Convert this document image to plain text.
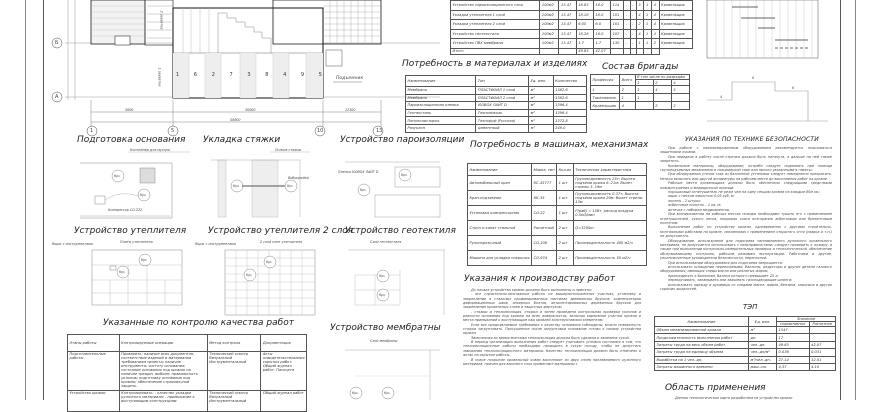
Б
А
1	5	10	13
5600	30000	12300
58800
1 захватка
2 захватка
1	6	2	7	3	8	4	9	5
Подъемник
Устройство пароизоляционного слоя	100м2	13.47	18.83	18.0	114	-	-	3	1	4	Кровельщик
Укладка утеплителя 1 слой	100м2	13.47	18.18	18.0	101	-	-	4	1	4	Кровельщик
Укладка утеплителя 2 слой	100м2	13.47	6.05	6.0	101	-	-	2	1	4	Кровельщик
Устройство геотекстиля	100м2	13.47	16.28	16.0	107	-	-	4	1	4	Кровельщик
Устройство ПВХ мембраны	100м2	13.47	1.7	1.7	130	-	-	1	1	2	Кровельщик
Итого			49.63	42.07							
4
8
6
Потребность в материалах и изделиях
Наименование	Тип	Ед. изм.	Количество
Мембрана	ПЛАСТФОИЛ 1 слой	м²	1382.6
Мембрана	ПЛАСТФОИЛ 2 слой	м²	1382.6
Пароизоляционная пленка	ISOBOX ЛАЙТ D	м²	1396.4
Геотекстиль	Технониколь	м²	1396.4
Пенополистирол	Техноруф (Русская)	м²	1372.8
Разуклон	цементный	м²	248.0
Состав бригады
Профессия	Всего	В том числе по разрядам		
		1	2	4
1	2	3	4	5
Такелажник	1	1		
Кровельщик	4		2	2
Подготовка основания Укладка стяжки	Устройство пароизоляции
Устройство утеплителя Устройство утеплителя 2 слоя
Устройство геотектиля
Устройство мембратны
Контейнер для мусора
Компрессор СО-222
Кр₃
Кр₄
Полоса стяжки
Виброрейка
Кр₄	Кр₃
Пленка ISOBOX ЛАЙТ D
Кр₃
Кр₃
Ящик с инструментами	Плиты утеплителя
Кр₅
Кр₃
Ящик с инструментами	2 слой плит утеплителя
Кр₅
Кр₃
Слой геотекстиля
Кр₃
Кр₄
Слой мембраны
Кр₄	Кр₃
Указанные по контролю качества работ
Этапы работы	Контролируемые операции	Метод контроля	Документация
Подготовительные работы	Проверить: наличие всех документов, соответствие изделий и материалов требованиям проекта; наличие инструмента; чистоту основания; состояние основания под кровлю на наличие трещин, выбоин; правильность уклонов; подготовку основания под кровлю; обеспечение страховочной защиты.	Технический осмотр Визуальный Инструментальный	Акты освидетельствования скрытых работ. Общий журнал работ. Паспорта
Устройство кровли	Контролировать: - качество укладки рулонного материала; - примыкание к выступающим конструкциям	Технический осмотр Визуальный Инструментальный	Общий журнал работ
Потребность в машинах, механизмах
Наименование	Марка, тип	Кол-во	Техническая характеристика
Автомобильный кран	КС-45777	1 шт	Грузоподъемность 25т; Высота подъема крюка 8..21м; Вылет стрелы 3..19м
Кран-подъемник	КК-35	1 шт	Грузоподъемность 0.37т; Высота подъема крюка 29м; Вылет стрелы 13м
Установка компрессорная	СО-22	1 шт	Р(раб) = 15Вт, расход воздуха 0.5м3/мин
Строп и канат стальной	Расчетный	2 шт	Q=3200кг
Рулонорезочный	СО-108	2 шт	Производительность 400 м2/ч
Машина для укладки покрытия	СО-97А	2 шт	Производительность 50 м2/ч
Указания к производству работ
До начала устройства кровли должны быть выполнены и приняты:
- все строительно-монтажные работы на вышерасположенных участках, установку и закрепление в стальных профилированных настилах деревянных брусков, компенсаторов деформационных швов, анкерных болтов, антисептированных деревянных брусков для закрепления кровельных слоев и защитных фартуков;
- стяжки и теплоизоляция, стяжки и затем проведена контрольная проверка уклонов и ровности основания под кровлю на всех поверхностях, включая карнизные участки кровли и места примыканий к выступающим над кровлей конструктивным элементам.
Если все предъявляемые требования к качеству основания соблюдены, можно поверхность стяжки загрунтовать. Просушенное после загрунтовки основание готово к началу устройства кровли.
Замоченная во время монтажа теплоизоляция должна быть удалена и заменена сухой.
В период организации выполнения работ следует учитывать условия состояния в том, что теплоизоляционные работы необходимо проводить в сухую погоду, чтобы не допустить замокания теплоизоляционного материала. Качество теплоизоляции должно быть отмечено в актах на скрытые работы.
В новое покрытие кровельный ковер выполняют из двух слоев наплавляемого рулонного материала, причем для верхнего слоя применяют материалы с
УКАЗАНИЯ ПО ТЕХНИКЕ БЕЗОПАСНОСТИ
При работе с механизированным оборудованием рекомендуется пользоваться защитными очками.
При передаче в работу после стрелки должна быть натянута, а дальше на ней также запретить.
Кровельные материалы, оборудование, потребо следует поднимать при помощи грузоподъемных механизмов в специальной таре или прочно увязанными в пакеты.
При обнаружении утечки газа из баллонной установки следует немедленно прекратить. Нельзя включать или другой аппаратуры на рабочем месте до выполнения работ на кровле.
Рабочие места кровельщика должны быть обеспечены следующими средствами пожаротушения и медицинской помощи:
порошковый огнетушитель не реже чем на одну секцию кровли на каждые 80м кв.;
ящик с песком емкостью 0.05 куб. м;
лопаты – 2 штуки;
асбестовое полотно – 1 кв. м;
аптечка с набором медикаментов.
При возникновении на рабочих местах пожара необходимо тушить его с применением огнетушителей, сухого песка, покрывая очаги возгорания асбестовым или брезентовым полотном.
Выполнение работ по устройству кровли, одновременно с другими строительно-монтажными работами на кровле, связанными с применением открытого огня (сварка и т.п.) не допускается.
Оборудование, используемое для подогрева наплавляемого рулонного кровельного материала, не допускается использовать с неисправностями; следует проверить к пожару, а также при выполнении контрольно-измерительных проверок и технологической, обеспечение обслуживающему контролю, рабочим режимам эксплуатации. Работники и другие, уполномоченные руководители безопасности, переносной.
При использовании оборудования для подогрева запрещается:
использовать оснащение переносимыми, баллоны, редукторы и другие детали газового оборудования, имеющих следы масла или разлитых жиров;
присоединять к баллонам, баллон которого превышает 25 л;
перекручивать, заламывать или зажимать газоподводящие шланги;
использовать одежду и рукавицы со следами масел, жиров, бензина, керосина и других горючих жидкостей.
ТЭП
Наименование	Ед. изм.	Значение	
		нормативное	Расчетное
Объем механизированной кровли	м²	1347	
Продолжительность выполнения работ	дн.	17	
Затраты труда на весь объем работ	чел.-дн.	49.63	42.07
Затраты труда на единицу объема	чел.-дн/м²	0.036	0.031
Выработка на 1 чел.-дн.	м²/чел.-дн.	27.14	32.01
Затраты машинного времени	маш.-см.	4.37	4.10
Область применения
Данная технологическая карта разработана на устройство кровли
